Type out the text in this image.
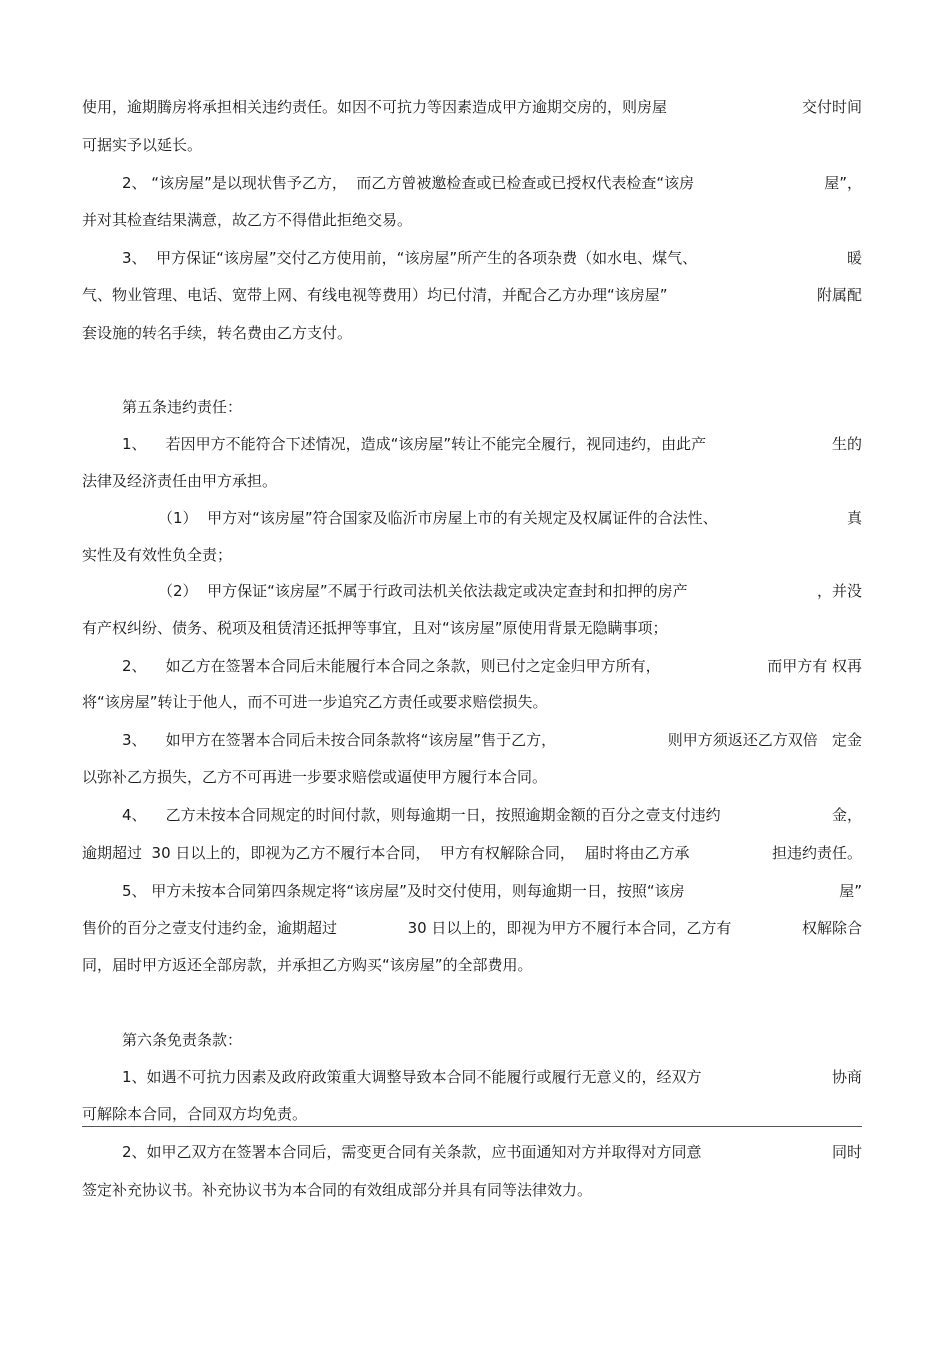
使用，逾期腾房将承担相关违约责任。如因不可抗力等因素造成甲方逾期交房的，则房屋	交付时间
可据实予以延长。
2、 “该房屋”是以现状售予乙方，  而乙方曾被邀检查或已检查或已授权代表检查“该房	屋”，
并对其检查结果满意，故乙方不得借此拒绝交易。
3、  甲方保证“该房屋”交付乙方使用前，“该房屋”所产生的各项杂费（如水电、煤气、	暖
气、物业管理、电话、宽带上网、有线电视等费用）均已付清，并配合乙方办理“该房屋”	附属配
套设施的转名手续，转名费由乙方支付。
第五条违约责任：
1、    若因甲方不能符合下述情况，造成“该房屋”转让不能完全履行，视同违约，由此产	生的
法律及经济责任由甲方承担。
（1）  甲方对“该房屋”符合国家及临沂市房屋上市的有关规定及权属证件的合法性、	真
实性及有效性负全责；
（2）  甲方保证“该房屋”不属于行政司法机关依法裁定或决定查封和扣押的房产	，并没
有产权纠纷、债务、税项及租赁清还抵押等事宜，且对“该房屋”原使用背景无隐瞒事项；
2、    如乙方在签署本合同后未能履行本合同之条款，则已付之定金归甲方所有，	而甲方有 权再
将“该房屋”转让于他人，而不可进一步追究乙方责任或要求赔偿损失。
3、    如甲方在签署本合同后未按合同条款将“该房屋”售于乙方，	则甲方须返还乙方双倍   定金
以弥补乙方损失，乙方不可再进一步要求赔偿或逼使甲方履行本合同。
4、    乙方未按本合同规定的时间付款，则每逾期一日，按照逾期金额的百分之壹支付违约	金，
逾期超过  30 日以上的，即视为乙方不履行本合同，  甲方有权解除合同，  届时将由乙方承	担违约责任。
5、 甲方未按本合同第四条规定将“该房屋”及时交付使用，则每逾期一日，按照“该房	屋”
售价的百分之壹支付违约金，逾期超过	30 日以上的，即视为甲方不履行本合同，乙方有	权解除合
同，届时甲方返还全部房款，并承担乙方购买“该房屋”的全部费用。
第六条免责条款：
1、如遇不可抗力因素及政府政策重大调整导致本合同不能履行或履行无意义的，经双方	协商
可解除本合同，合同双方均免责。
2、如甲乙双方在签署本合同后，需变更合同有关条款，应书面通知对方并取得对方同意	同时
签定补充协议书。补充协议书为本合同的有效组成部分并具有同等法律效力。
